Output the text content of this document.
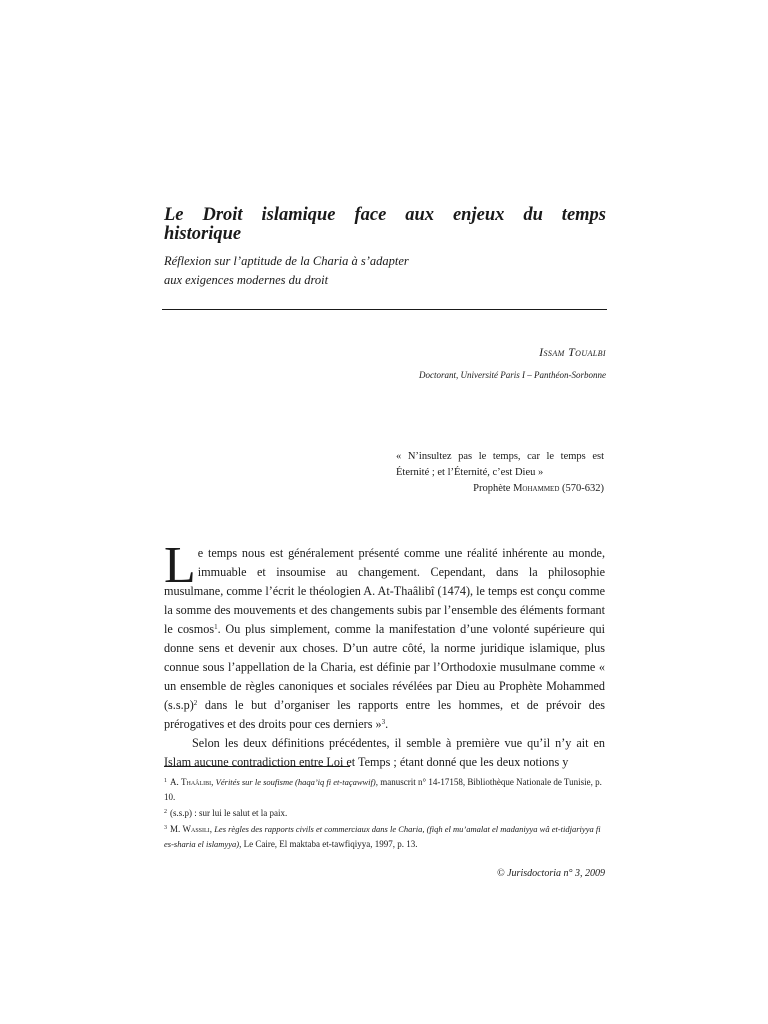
Le Droit islamique face aux enjeux du temps historique
Réflexion sur l’aptitude de la Charia à s’adapter
aux exigences modernes du droit
Issam Toualbi
Doctorant, Université Paris I – Panthéon-Sorbonne
« N’insultez pas le temps, car le temps est Éternité ; et l’Éternité, c’est Dieu »
Prophète Mohammed (570-632)

Le temps nous est généralement présenté comme une réalité inhérente au monde, immuable et insoumise au changement. Cependant, dans la philosophie musulmane, comme l’écrit le théologien A. At-Thaâlibî (1474), le temps est conçu comme la somme des mouvements et des changements subis par l’ensemble des éléments formant le cosmos$^1$. Ou plus simplement, comme la manifestation d’une volonté supérieure qui donne sens et devenir aux choses. D’un autre côté, la norme juridique islamique, plus connue sous l’appellation de la Charia, est définie par l’Orthodoxie musulmane comme « un ensemble de règles canoniques et sociales révélées par Dieu au Prophète Mohammed $(s.s.p)^2$ dans le but d’organiser les rapports entre les hommes, et de prévoir des prérogatives et des droits pour ces derniers »$^3$.

Selon les deux définitions précédentes, il semble à première vue qu’il n’y ait en Islam aucune contradiction entre Loi et Temps ; étant donné que les deux notions y

$^1$ A. Thaâlibi, Vérités sur le soufisme (haqa’iq fi et-taçawwif), manuscrit n° 14-17158, Bibliothèque Nationale de Tunisie, p. 10.

$^2$ (s.s.p) : sur lui le salut et la paix.

$^3$ M. Wassili, Les règles des rapports civils et commerciaux dans le Charia, (fiqh el mu’amalat el madaniyya wâ et-tidjariyya fi es-sharia el islamyya), Le Caire, El maktaba et-tawfiqiyya, 1997, p. 13.

© Jurisdoctoria n° 3, 2009
